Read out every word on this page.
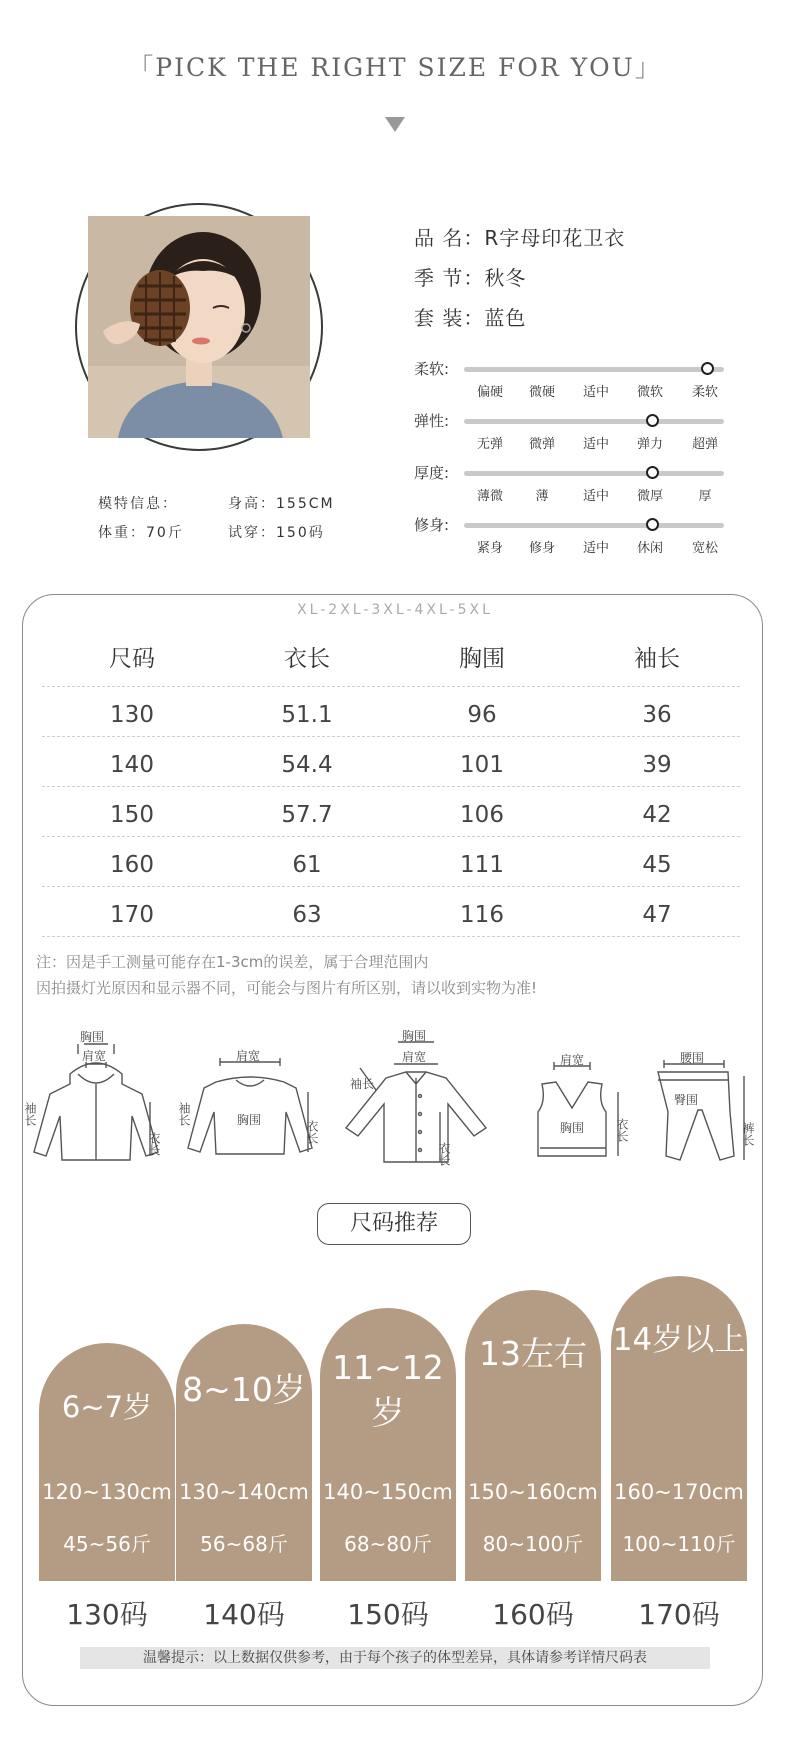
「PICK THE RIGHT SIZE FOR YOU」
模特信息：	身高：155CM
体重：70斤	试穿：150码
品 名：R字母印花卫衣
季 节：秋冬
套 装：蓝色
柔软:
偏硬	微硬	适中	微软	柔软
弹性:
无弹	微弹	适中	弹力	超弹
厚度:
薄微	薄	适中	微厚	厚
修身:
紧身	修身	适中	休闲	宽松
XL-2XL-3XL-4XL-5XL
尺码	衣长	胸围	袖长
130	51.1	96	36
140	54.4	101	39
150	57.7	106	42
160	61	111	45
170	63	116	47
注：因是手工测量可能存在1-3cm的误差，属于合理范围内
因拍摄灯光原因和显示器不同，可能会与图片有所区别，请以收到实物为准!
胸围
肩宽
衣长
袖长
肩宽
胸围
袖长
衣长
胸围
肩宽
袖长
衣长
肩宽
胸围	衣长
腰围
臀围
裤长
尺码推荐
6~7岁
120~130cm
45~56斤
130码
8~10岁
130~140cm
56~68斤
140码
11~12岁
140~150cm
68~80斤
150码
13左右
150~160cm
80~100斤
160码
14岁以上
160~170cm
100~110斤
170码
温馨提示：以上数据仅供参考，由于每个孩子的体型差异，具体请参考详情尺码表
